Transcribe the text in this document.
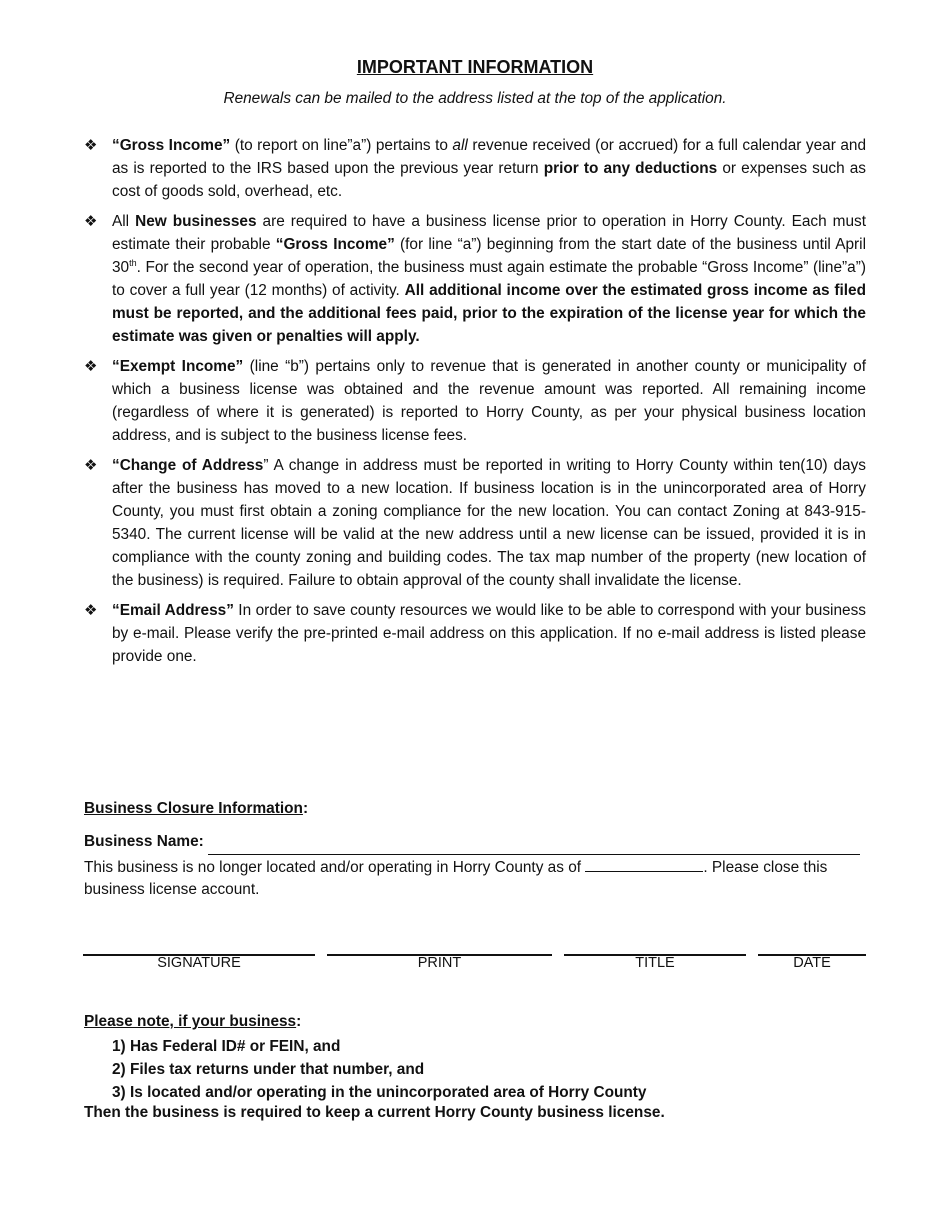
IMPORTANT INFORMATION
Renewals can be mailed to the address listed at the top of the application.
❖ “Gross Income” (to report on line”a”) pertains to all revenue received (or accrued) for a full calendar year and as is reported to the IRS based upon the previous year return prior to any deductions or expenses such as cost of goods sold, overhead, etc.
❖ All New businesses are required to have a business license prior to operation in Horry County. Each must estimate their probable “Gross Income” (for line “a”) beginning from the start date of the business until April 30th. For the second year of operation, the business must again estimate the probable “Gross Income” (line”a”) to cover a full year (12 months) of activity. All additional income over the estimated gross income as filed must be reported, and the additional fees paid, prior to the expiration of the license year for which the estimate was given or penalties will apply.
❖ “Exempt Income” (line “b”) pertains only to revenue that is generated in another county or municipality of which a business license was obtained and the revenue amount was reported. All remaining income (regardless of where it is generated) is reported to Horry County, as per your physical business location address, and is subject to the business license fees.
❖ “Change of Address” A change in address must be reported in writing to Horry County within ten(10) days after the business has moved to a new location. If business location is in the unincorporated area of Horry County, you must first obtain a zoning compliance for the new location. You can contact Zoning at 843-915-5340. The current license will be valid at the new address until a new license can be issued, provided it is in compliance with the county zoning and building codes. The tax map number of the property (new location of the business) is required. Failure to obtain approval of the county shall invalidate the license.
❖ “Email Address” In order to save county resources we would like to be able to correspond with your business by e-mail. Please verify the pre-printed e-mail address on this application. If no e-mail address is listed please provide one.
Business Closure Information:
Business Name:
This business is no longer located and/or operating in Horry County as of	. Please close this business license account.
SIGNATURE	PRINT	TITLE	DATE
Please note, if your business:
1) Has Federal ID# or FEIN, and
2) Files tax returns under that number, and
3) Is located and/or operating in the unincorporated area of Horry County
Then the business is required to keep a current Horry County business license.
